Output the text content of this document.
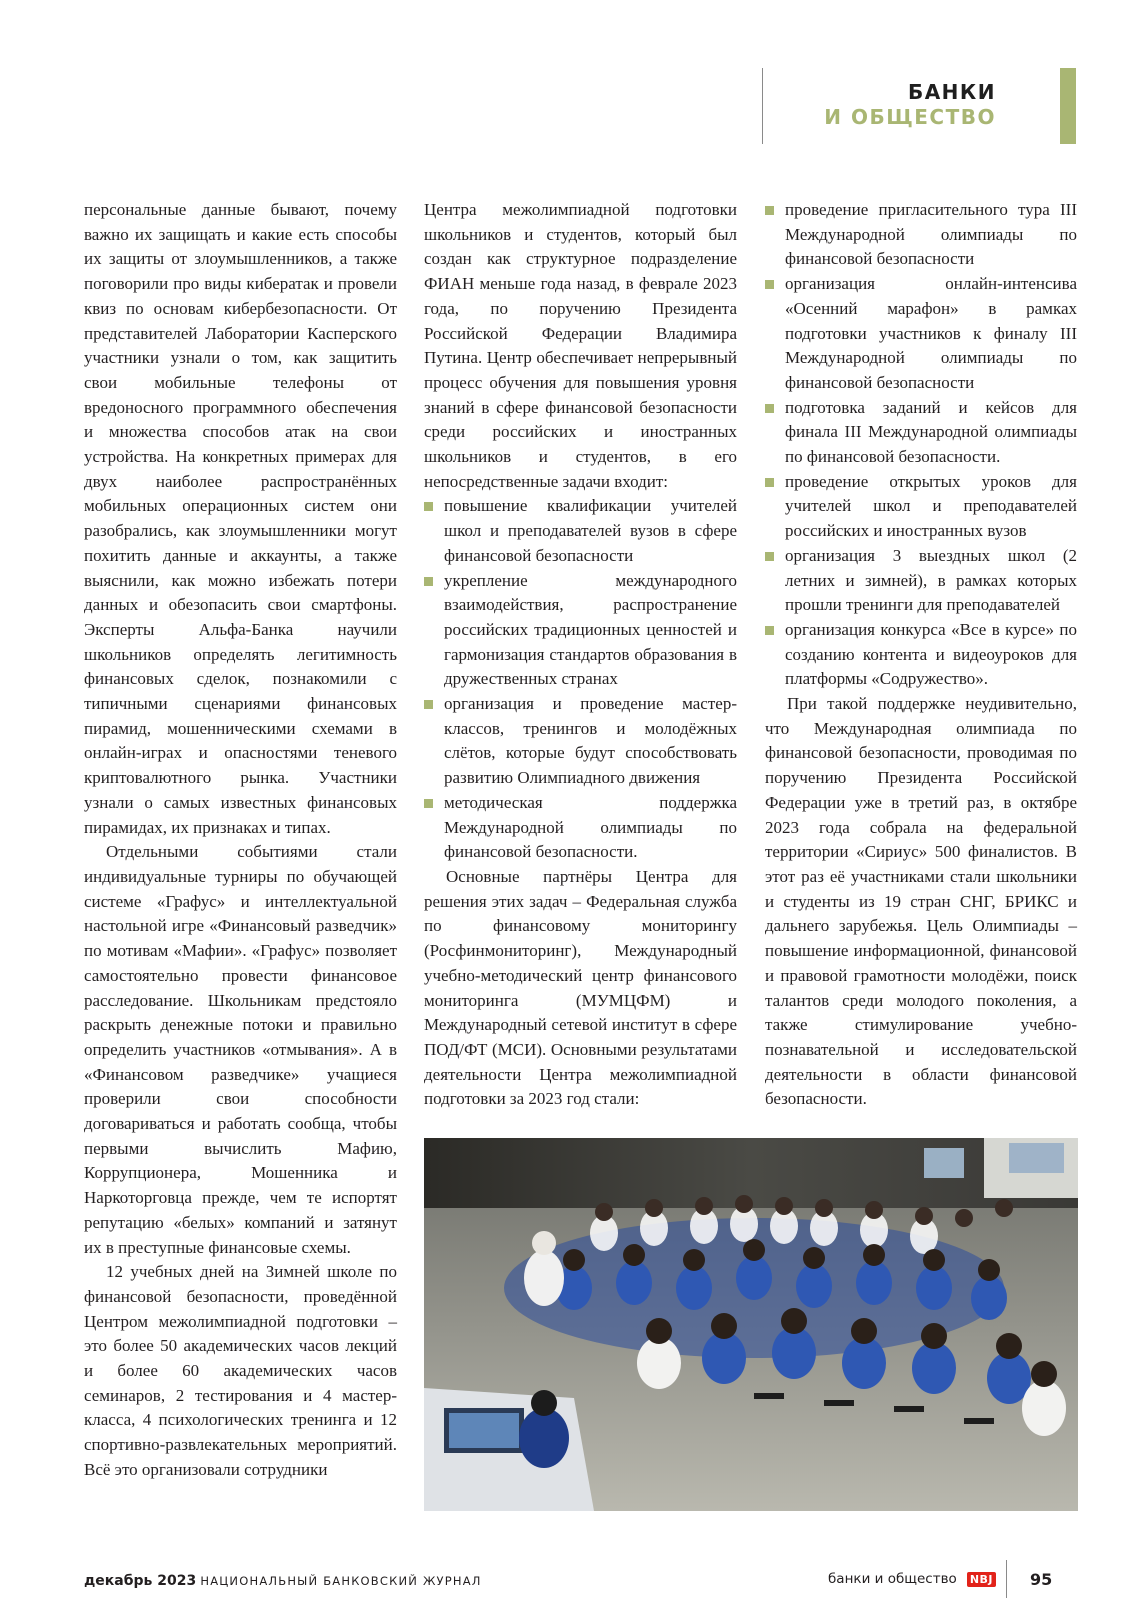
БАНКИ
И ОБЩЕСТВО

персональные данные бывают, почему важно их защищать и какие есть способы их защиты от злоумышленников, а также поговорили про виды кибератак и провели квиз по основам кибербезопасности. От представителей Лаборатории Касперского участники узнали о том, как защитить свои мобильные телефоны от вредоносного программного обеспечения и множества способов атак на свои устройства. На конкретных примерах для двух наиболее распространённых мобильных операционных систем они разобрались, как злоумышленники могут похитить данные и аккаунты, а также выяснили, как можно избежать потери данных и обезопасить свои смартфоны. Эксперты Альфа-Банка научили школьников определять легитимность финансовых сделок, познакомили с типичными сценариями финансовых пирамид, мошенническими схемами в онлайн-играх и опасностями теневого криптовалютного рынка. Участники узнали о самых известных финансовых пирамидах, их признаках и типах.

Отдельными событиями стали индивидуальные турниры по обучающей системе «Графус» и интеллектуальной настольной игре «Финансовый разведчик» по мотивам «Мафии». «Графус» позволяет самостоятельно провести финансовое расследование. Школьникам предстояло раскрыть денежные потоки и правильно определить участников «отмывания». А в «Финансовом разведчике» учащиеся проверили свои способности договариваться и работать сообща, чтобы первыми вычислить Мафию, Коррупционера, Мошенника и Наркоторговца прежде, чем те испортят репутацию «белых» компаний и затянут их в преступные финансовые схемы.

12 учебных дней на Зимней школе по финансовой безопасности, проведённой Центром межолимпиадной подготовки – это более 50 академических часов лекций и более 60 академических часов семинаров, 2 тестирования и 4 мастер-класса, 4 психологических тренинга и 12 спортивно-развлекательных мероприятий. Всё это организовали сотрудники

Центра межолимпиадной подготовки школьников и студентов, который был создан как структурное подразделение ФИАН меньше года назад, в феврале 2023 года, по поручению Президента Российской Федерации Владимира Путина. Центр обеспечивает непрерывный процесс обучения для повышения уровня знаний в сфере финансовой безопасности среди российских и иностранных школьников и студентов, в его непосредственные задачи входит:

повышение квалификации учителей школ и преподавателей вузов в сфере финансовой безопасности
укрепление международного взаимодействия, распространение российских традиционных ценностей и гармонизация стандартов образования в дружественных странах
организация и проведение мастер-классов, тренингов и молодёжных слётов, которые будут способствовать развитию Олимпиадного движения
методическая поддержка Международной олимпиады по финансовой безопасности.

Основные партнёры Центра для решения этих задач – Федеральная служба по финансовому мониторингу (Росфинмониторинг), Международный учебно-методический центр финансового мониторинга (МУМЦФМ) и Международный сетевой институт в сфере ПОД/ФТ (МСИ). Основными результатами деятельности Центра межолимпиадной подготовки за 2023 год стали:

проведение пригласительного тура III Международной олимпиады по финансовой безопасности
организация онлайн-интенсива «Осенний марафон» в рамках подготовки участников к финалу III Международной олимпиады по финансовой безопасности
подготовка заданий и кейсов для финала III Международной олимпиады по финансовой безопасности.
проведение открытых уроков для учителей школ и преподавателей российских и иностранных вузов
организация 3 выездных школ (2 летних и зимней), в рамках которых прошли тренинги для преподавателей
организация конкурса «Все в курсе» по созданию контента и видеоуроков для платформы «Содружество».

При такой поддержке неудивительно, что Международная олимпиада по финансовой безопасности, проводимая по поручению Президента Российской Федерации уже в третий раз, в октябре 2023 года собрала на федеральной территории «Сириус» 500 финалистов. В этот раз её участниками стали школьники и студенты из 19 стран СНГ, БРИКС и дальнего зарубежья. Цель Олимпиады – повышение информационной, финансовой и правовой грамотности молодёжи, поиск талантов среди молодого поколения, а также стимулирование учебно-познавательной и исследовательской деятельности в области финансовой безопасности.

декабрь 2023 НАЦИОНАЛЬНЫЙ БАНКОВСКИЙ ЖУРНАЛ	банки и общество NBJ 95
